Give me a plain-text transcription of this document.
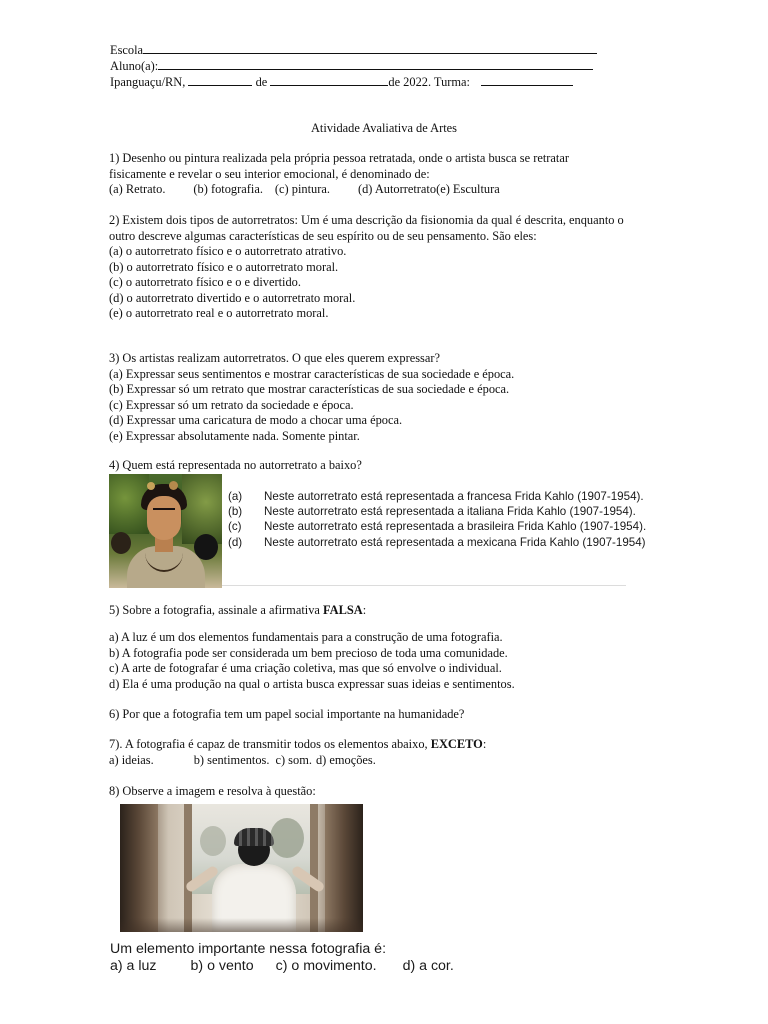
Escola
Aluno(a):
Ipanguaçu/RN,	de	de 2022. Turma:
Atividade Avaliativa de Artes
1) Desenho ou pintura realizada pela própria pessoa retratada, onde o artista busca se retratar
fisicamente e revelar o seu interior emocional, é denominado de:
(a) Retrato. (b) fotografia. (c) pintura. (d) Autorretrato(e) Escultura
2) Existem dois tipos de autorretratos: Um é uma descrição da fisionomia da qual é descrita, enquanto o outro descreve algumas características de seu espírito ou de seu pensamento. São eles:
(a) o autorretrato físico e o autorretrato atrativo.
(b) o autorretrato físico e o autorretrato moral.
(c) o autorretrato físico e o e divertido.
(d) o autorretrato divertido e o autorretrato moral.
(e) o autorretrato real e o autorretrato moral.
3) Os artistas realizam autorretratos. O que eles querem expressar?
(a) Expressar seus sentimentos e mostrar características de sua sociedade e época.
(b) Expressar só um retrato que mostrar características de sua sociedade e época.
(c) Expressar só um retrato da sociedade e época.
(d) Expressar uma caricatura de modo a chocar uma época.
(e) Expressar absolutamente nada. Somente pintar.
4) Quem está representada no autorretrato a baixo?
(a) Neste autorretrato está representada a francesa Frida Kahlo (1907-1954).
(b) Neste autorretrato está representada a italiana Frida Kahlo (1907-1954).
(c) Neste autorretrato está representada a brasileira Frida Kahlo (1907-1954).
(d) Neste autorretrato está representada a mexicana Frida Kahlo (1907-1954)
5) Sobre a fotografia, assinale a afirmativa FALSA:
a) A luz é um dos elementos fundamentais para a construção de uma fotografia.
b) A fotografia pode ser considerada um bem precioso de toda uma comunidade.
c) A arte de fotografar é uma criação coletiva, mas que só envolve o individual.
d) Ela é uma produção na qual o artista busca expressar suas ideias e sentimentos.
6) Por que a fotografia tem um papel social importante na humanidade?
7). A fotografia é capaz de transmitir todos os elementos abaixo, EXCETO:
a) ideias.	b) sentimentos. c) som. d) emoções.
8) Observe a imagem e resolva à questão:
Um elemento importante nessa fotografia é:
a) a luz b) o vento c) o movimento. d) a cor.
